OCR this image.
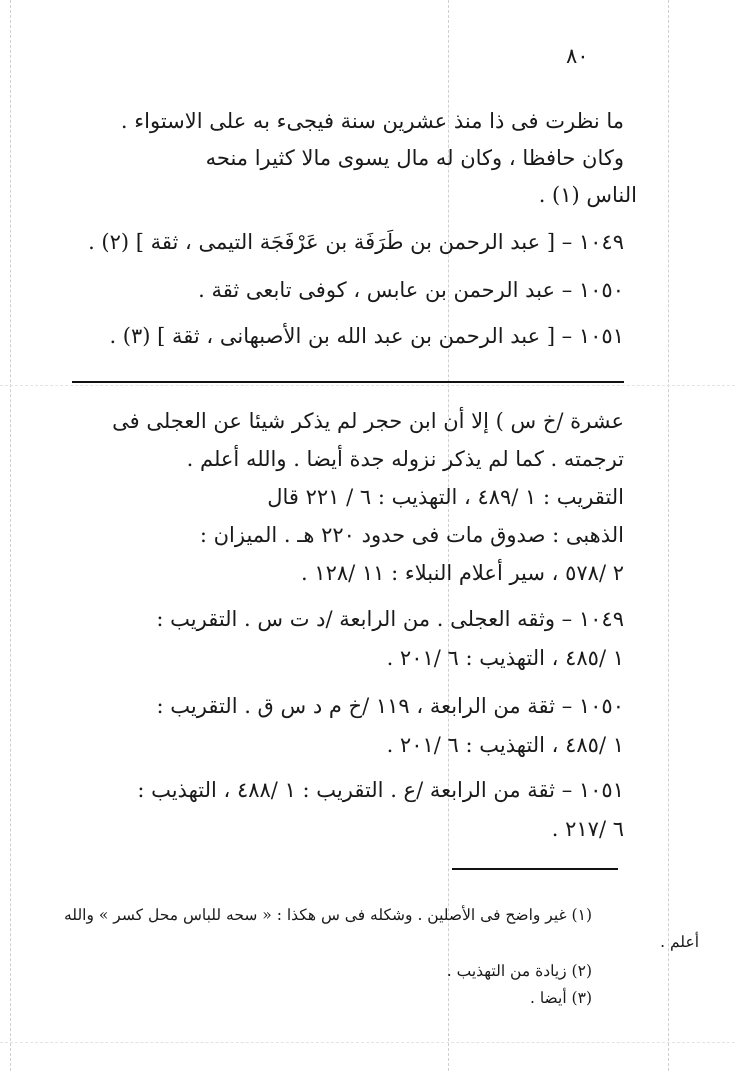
٨٠
ما نظرت فى ذا منذ عشرين سنة فيجىء به على الاستواء .
وكان حافظا ، وكان له مال يسوى مالا كثيرا منحه
الناس (١) .
١٠٤٩ – [ عبد الرحمن بن طَرَفَة بن عَرْفَجَة التيمى ، ثقة ] (٢) .
١٠٥٠ – عبد الرحمن بن عابس ، كوفى تابعى ثقة .
١٠٥١ – [ عبد الرحمن بن عبد الله بن الأصبهانى ، ثقة ] (٣) .
عشرة /خ س ) إلا أن ابن حجر لم يذكر شيئا عن العجلى فى
ترجمته . كما لم يذكر نزوله جدة أيضا . والله أعلم .
التقريب : ١ /٤٨٩ ، التهذيب : ٦ / ٢٢١ قال
الذهبى : صدوق مات فى حدود ٢٢٠ هـ . الميزان :
٢ /٥٧٨ ، سير أعلام النبلاء : ١١ /١٢٨ .
١٠٤٩ – وثقه العجلى . من الرابعة /د ت س . التقريب :
١ /٤٨٥ ، التهذيب : ٦ /٢٠١ .
١٠٥٠ – ثقة من الرابعة ، ١١٩ /خ م د س ق . التقريب :
١ /٤٨٥ ، التهذيب : ٦ /٢٠١ .
١٠٥١ – ثقة من الرابعة /ع . التقريب : ١ /٤٨٨ ، التهذيب :
٦ /٢١٧ .
(١) غير واضح فى الأصلين . وشكله فى س هكذا : « سحه للباس محل كسر » والله
أعلم .
(٢) زيادة من التهذيب .
(٣) أيضا .
